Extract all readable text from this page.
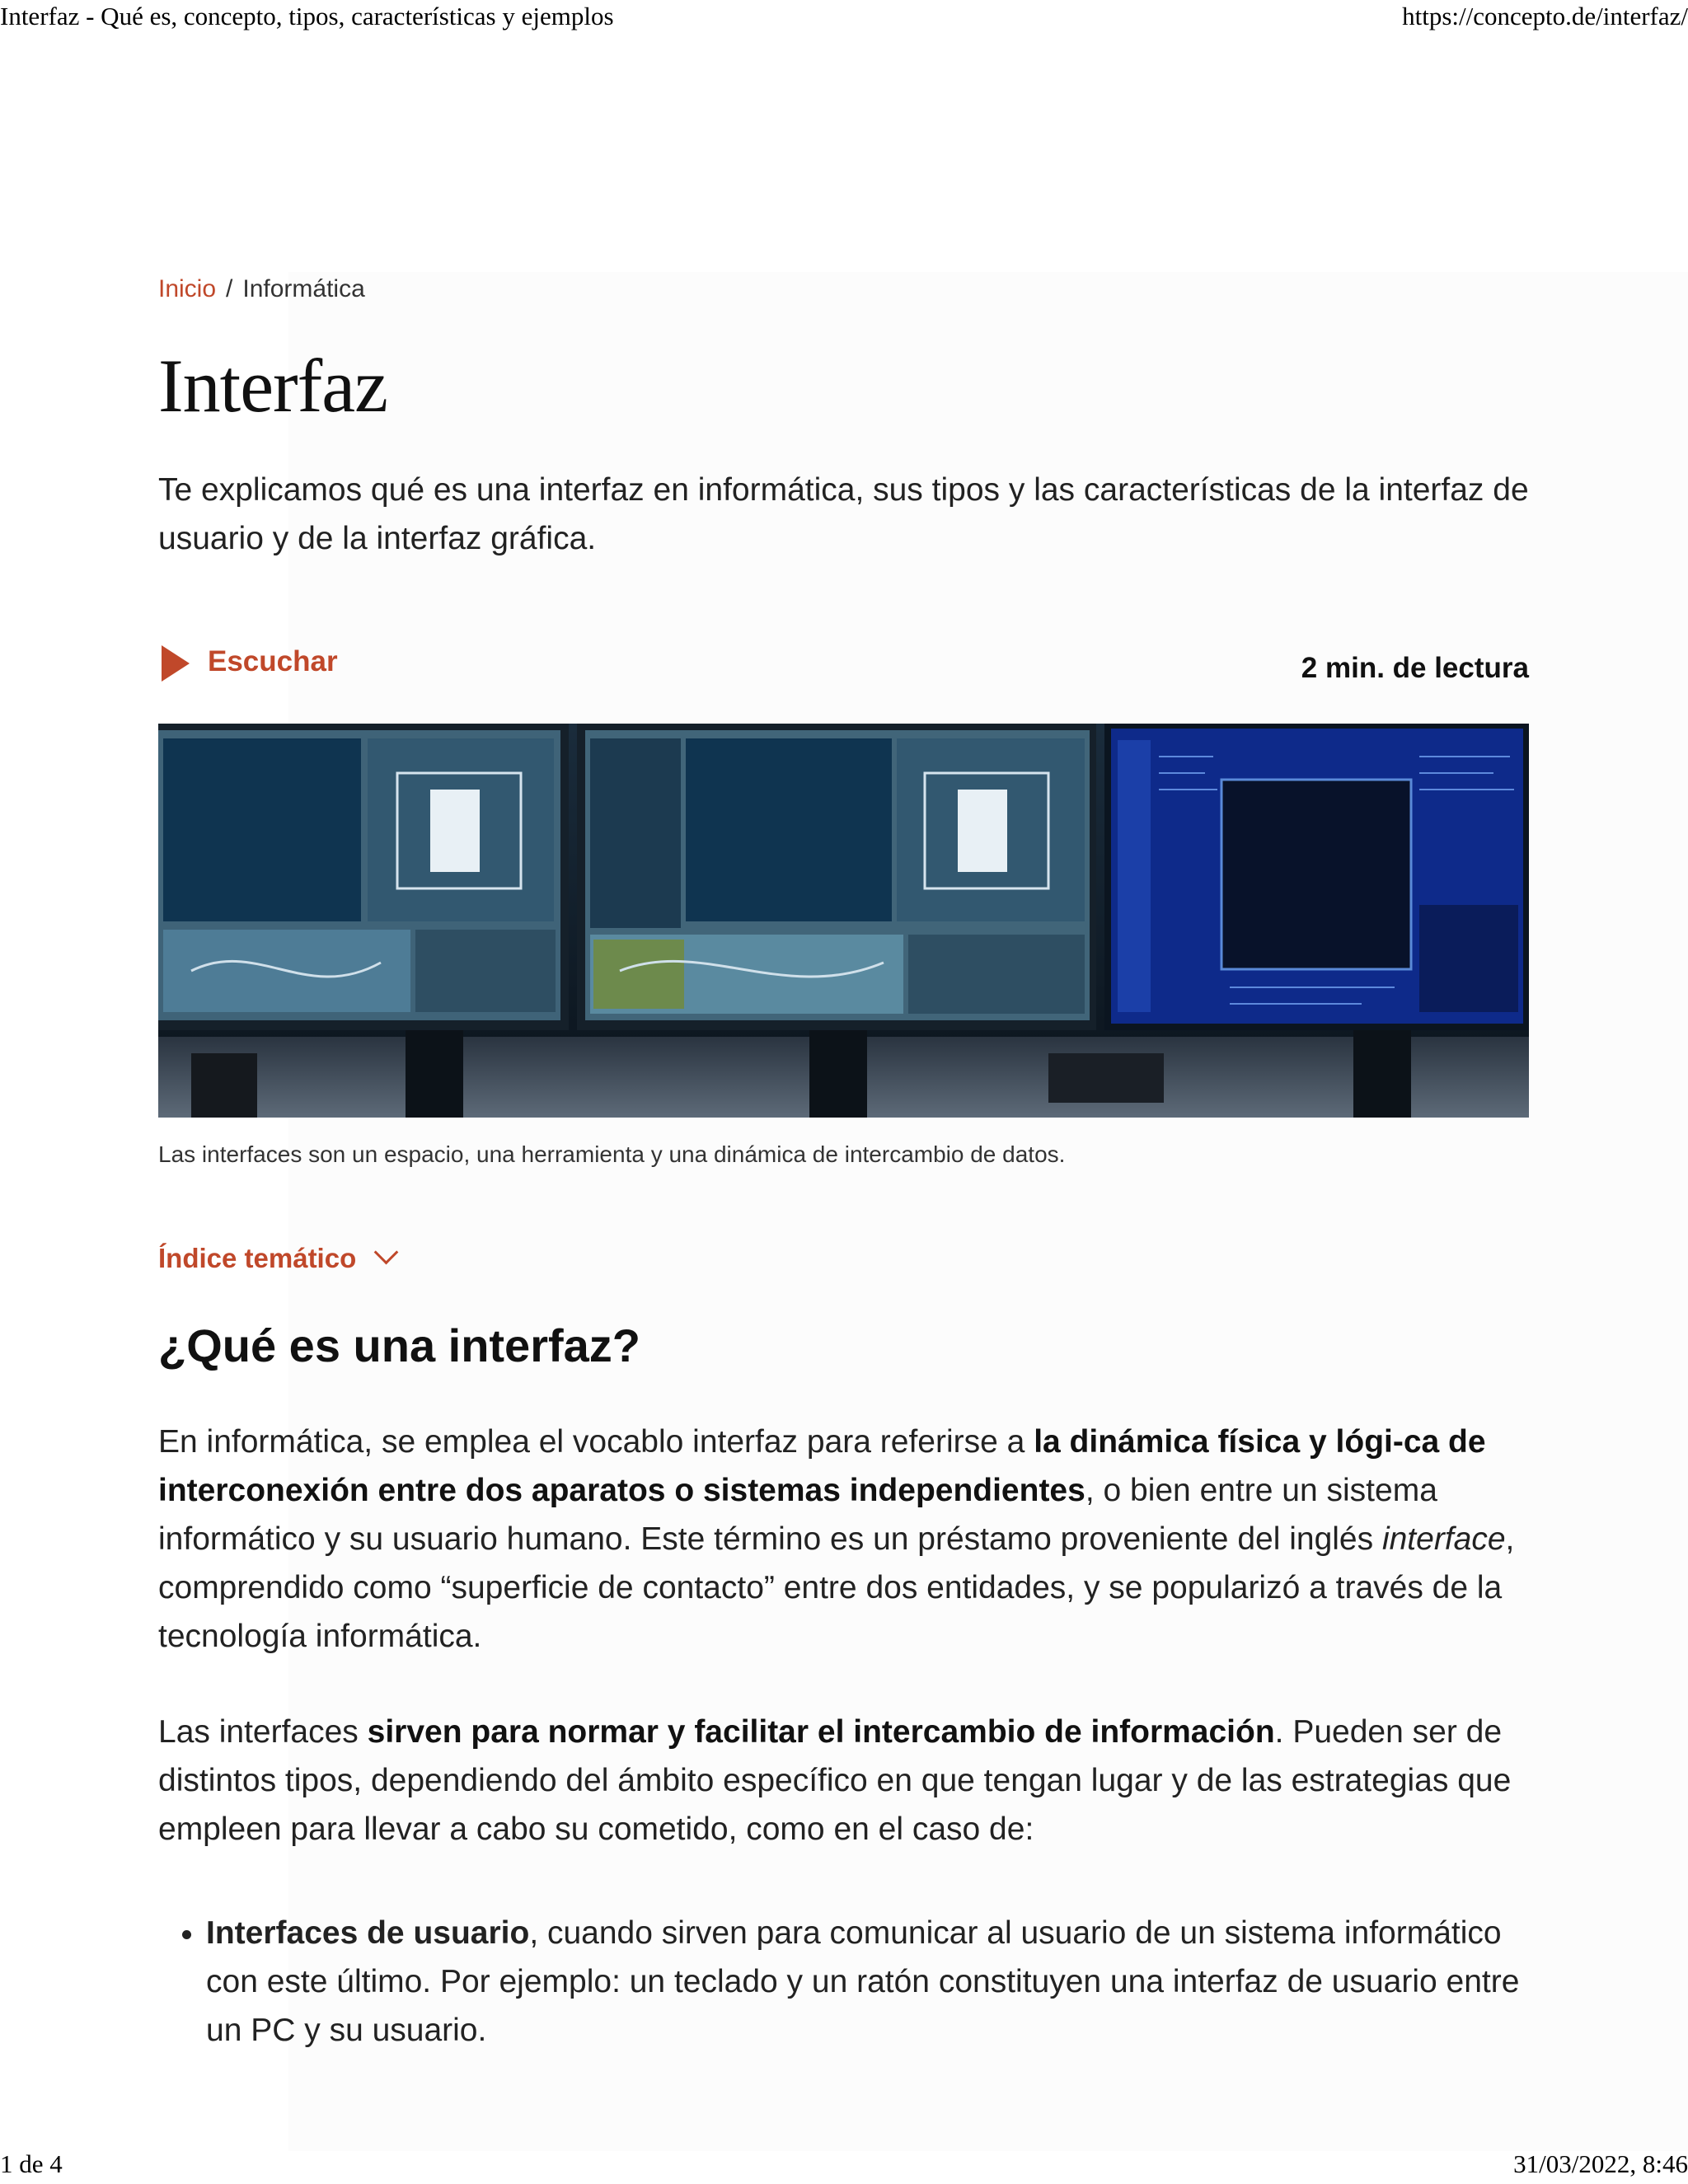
Interfaz - Qué es, concepto, tipos, características y ejemplos	https://concepto.de/interfaz/
Inicio / Informática
Interfaz

Te explicamos qué es una interfaz en informática, sus tipos y las características de la interfaz de usuario y de la interfaz gráfica.

Escuchar	2 min. de lectura
Las interfaces son un espacio, una herramienta y una dinámica de intercambio de datos.
Índice temático
¿Qué es una interfaz?

En informática, se emplea el vocablo interfaz para referirse a la dinámica física y lógi-ca de interconexión entre dos aparatos o sistemas independientes, o bien entre un sistema informático y su usuario humano. Este término es un préstamo proveniente del inglés interface, comprendido como “superficie de contacto” entre dos entidades, y se popularizó a través de la tecnología informática.

Las interfaces sirven para normar y facilitar el intercambio de información. Pueden ser de distintos tipos, dependiendo del ámbito específico en que tengan lugar y de las estrategias que empleen para llevar a cabo su cometido, como en el caso de:

• Interfaces de usuario, cuando sirven para comunicar al usuario de un sistema informático con este último. Por ejemplo: un teclado y un ratón constituyen una interfaz de usuario entre un PC y su usuario.
1 de 4	31/03/2022, 8:46
